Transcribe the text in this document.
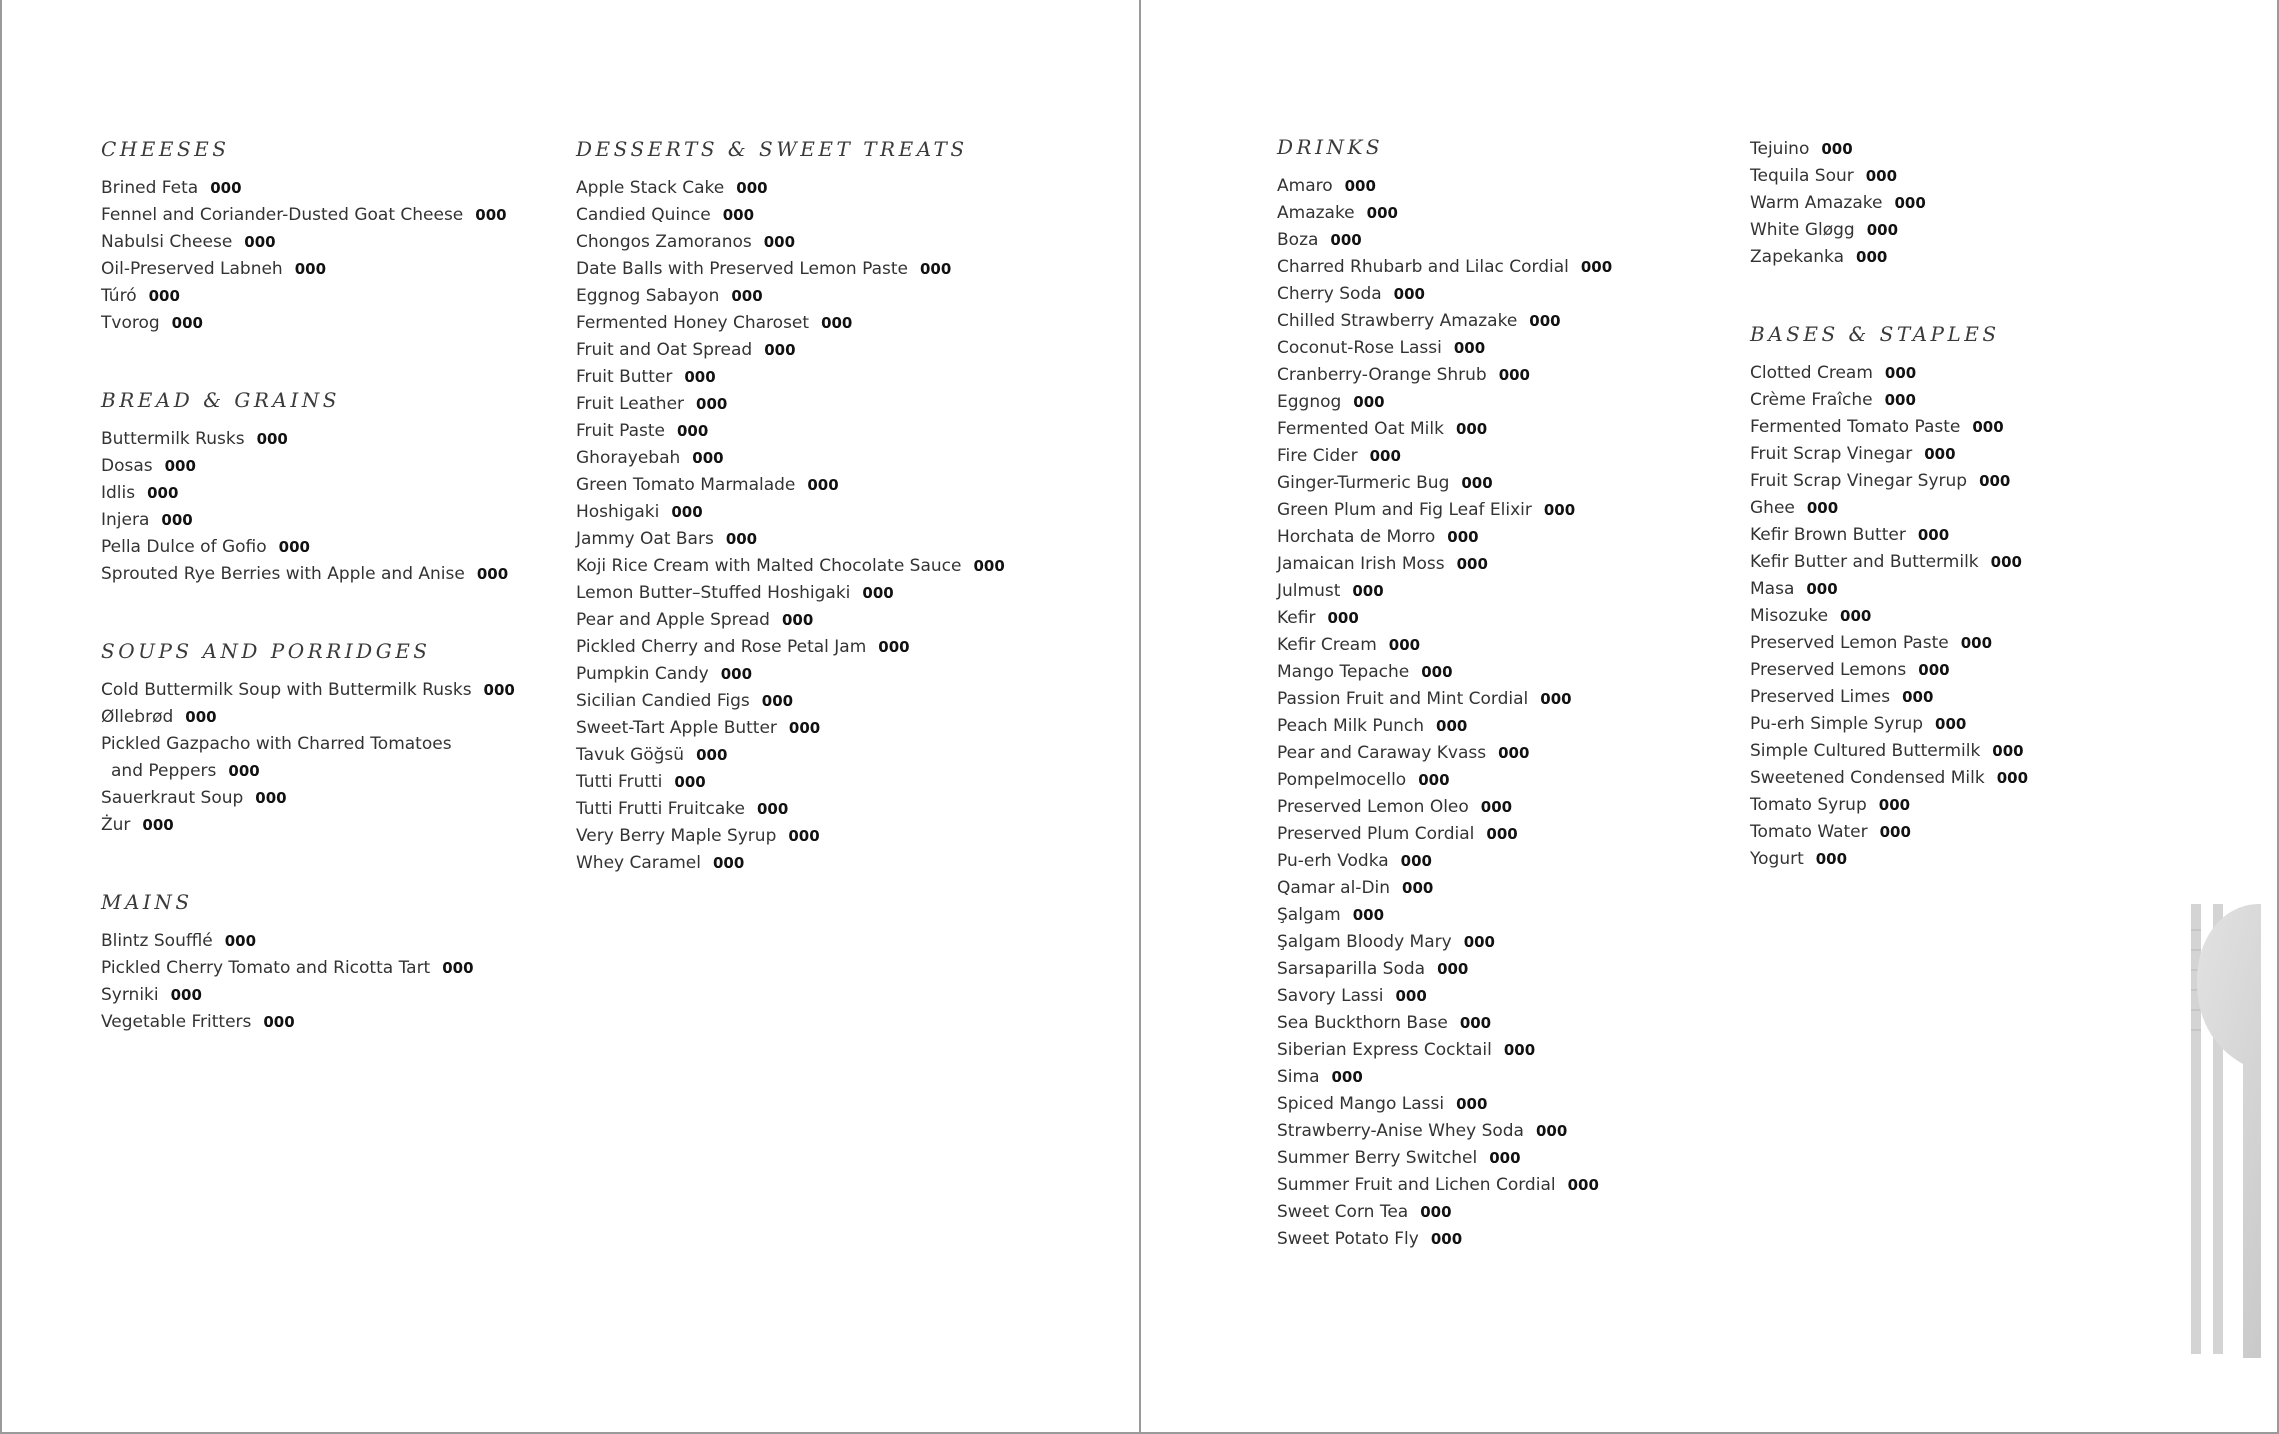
CHEESES
Brined Feta 000
Fennel and Coriander-Dusted Goat Cheese 000
Nabulsi Cheese 000
Oil-Preserved Labneh 000
Túró 000
Tvorog 000
BREAD & GRAINS
Buttermilk Rusks 000
Dosas 000
Idlis 000
Injera 000
Pella Dulce of Gofio 000
Sprouted Rye Berries with Apple and Anise 000
SOUPS AND PORRIDGES
Cold Buttermilk Soup with Buttermilk Rusks 000
Øllebrød 000
Pickled Gazpacho with Charred Tomatoes
and Peppers 000
Sauerkraut Soup 000
Żur 000
MAINS
Blintz Soufflé 000
Pickled Cherry Tomato and Ricotta Tart 000
Syrniki 000
Vegetable Fritters 000
DESSERTS & SWEET TREATS
Apple Stack Cake 000
Candied Quince 000
Chongos Zamoranos 000
Date Balls with Preserved Lemon Paste 000
Eggnog Sabayon 000
Fermented Honey Charoset 000
Fruit and Oat Spread 000
Fruit Butter 000
Fruit Leather 000
Fruit Paste 000
Ghorayebah 000
Green Tomato Marmalade 000
Hoshigaki 000
Jammy Oat Bars 000
Koji Rice Cream with Malted Chocolate Sauce 000
Lemon Butter–Stuffed Hoshigaki 000
Pear and Apple Spread 000
Pickled Cherry and Rose Petal Jam 000
Pumpkin Candy 000
Sicilian Candied Figs 000
Sweet-Tart Apple Butter 000
Tavuk Göğsü 000
Tutti Frutti 000
Tutti Frutti Fruitcake 000
Very Berry Maple Syrup 000
Whey Caramel 000
DRINKS
Amaro 000
Amazake 000
Boza 000
Charred Rhubarb and Lilac Cordial 000
Cherry Soda 000
Chilled Strawberry Amazake 000
Coconut-Rose Lassi 000
Cranberry-Orange Shrub 000
Eggnog 000
Fermented Oat Milk 000
Fire Cider 000
Ginger-Turmeric Bug 000
Green Plum and Fig Leaf Elixir 000
Horchata de Morro 000
Jamaican Irish Moss 000
Julmust 000
Kefir 000
Kefir Cream 000
Mango Tepache 000
Passion Fruit and Mint Cordial 000
Peach Milk Punch 000
Pear and Caraway Kvass 000
Pompelmocello 000
Preserved Lemon Oleo 000
Preserved Plum Cordial 000
Pu-erh Vodka 000
Qamar al-Din 000
Şalgam 000
Şalgam Bloody Mary 000
Sarsaparilla Soda 000
Savory Lassi 000
Sea Buckthorn Base 000
Siberian Express Cocktail 000
Sima 000
Spiced Mango Lassi 000
Strawberry-Anise Whey Soda 000
Summer Berry Switchel 000
Summer Fruit and Lichen Cordial 000
Sweet Corn Tea 000
Sweet Potato Fly 000
Tejuino 000
Tequila Sour 000
Warm Amazake 000
White Gløgg 000
Zapekanka 000
BASES & STAPLES
Clotted Cream 000
Crème Fraîche 000
Fermented Tomato Paste 000
Fruit Scrap Vinegar 000
Fruit Scrap Vinegar Syrup 000
Ghee 000
Kefir Brown Butter 000
Kefir Butter and Buttermilk 000
Masa 000
Misozuke 000
Preserved Lemon Paste 000
Preserved Lemons 000
Preserved Limes 000
Pu-erh Simple Syrup 000
Simple Cultured Buttermilk 000
Sweetened Condensed Milk 000
Tomato Syrup 000
Tomato Water 000
Yogurt 000
